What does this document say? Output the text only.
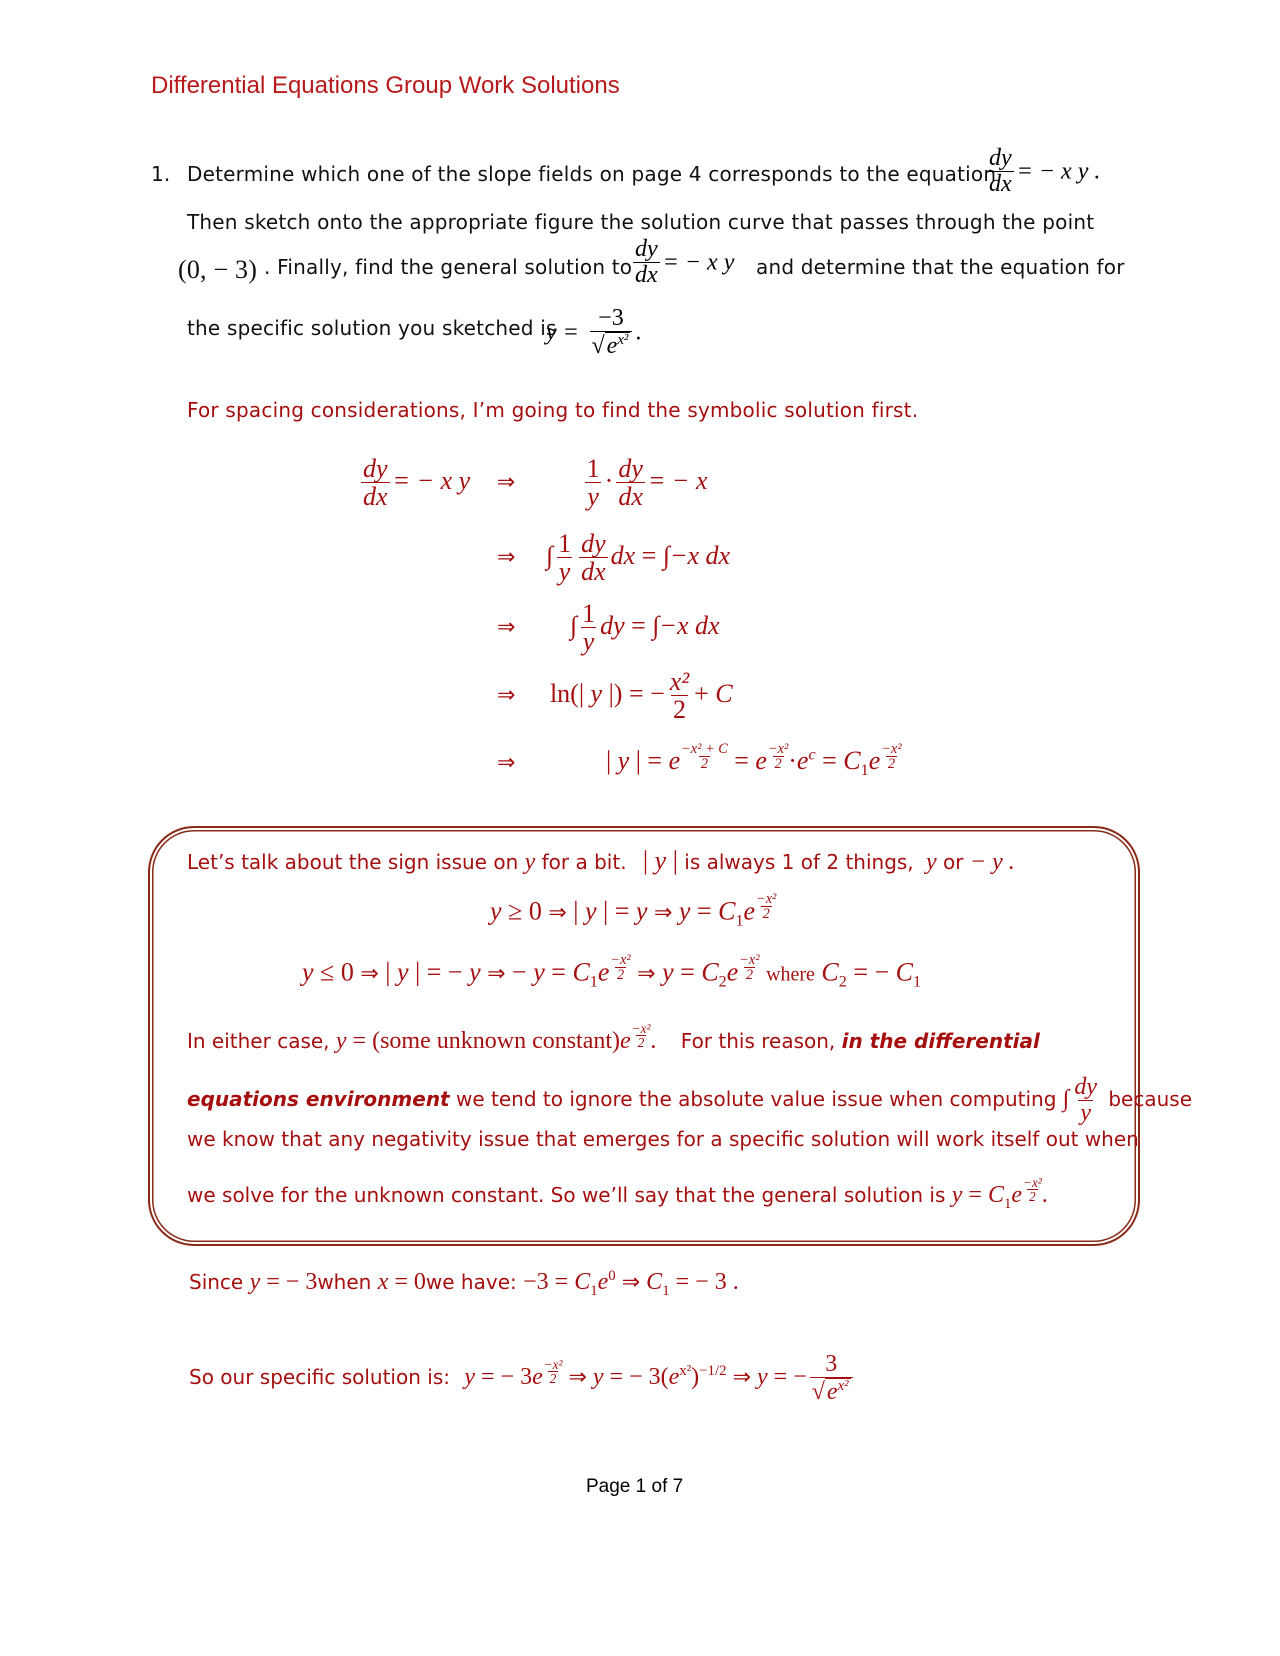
Differential Equations Group Work Solutions
1. Determine which one of the slope fields on page 4 corresponds to the equation
$\frac{dy}{dx}$ = − x y .
Then sketch onto the appropriate figure the solution curve that passes through the point
(0, − 3) . Finally, find the general solution to $\frac{dy}{dx}$ = − x y and determine that the equation for
the specific solution you sketched is
$y = \frac{-3}{√e^{x^2}}$ .
For spacing considerations, I’m going to find the symbolic solution first.
$\frac{dy}{dx}$ = − x y ⇒	$\frac{1}{y} \cdot \frac{dy}{dx}$ = − x
⇒ ∫ $\frac{1}{y} \frac{dy}{dx}$ dx = ∫−x dx
⇒ ∫ $\frac{1}{y}$ dy = ∫−x dx
⇒ ln(| y |) = − $\frac{\text{x²}}{2} + C$
⇒	| y | = e $\frac{\text{−x² + C}}{2} = e \frac{\text{−x²}}{2} \cdot e^c = C_1e \frac{\text{−x²}}{2}$
Let’s talk about the sign issue on y for a bit. | y | is always 1 of 2 things, y or − y .
y ≥ 0 ⇒ | y | = y ⇒ $y = C_1e \frac{\text{−x²}}{2}$
y ≤ 0 ⇒ | y | = − y ⇒ − $y = C_1e \frac{\text{−x²}}{2}$ ⇒ $y = C_2e \frac{\text{−x²}}{2}$ where $C_2$ = − $C_1$
In either case, y = (some unknown constant)e $\frac{\text{−x²}}{2}$ . For this reason, in the differential
equations environment we tend to ignore the absolute value issue when computing ∫ $\frac{dy}{y}$ because
we know that any negativity issue that emerges for a specific solution will work itself out when
we solve for the unknown constant. So we’ll say that the general solution is $y = C_1e \frac{\text{−x²}}{2}$ .
Since y = − 3when x = 0we have: $-3 = C_1e^0$ ⇒ $C_1$ = − 3 .
So our specific solution is: y = − $3e \frac{\text{−x²}}{2}$ ⇒ y = − $3(e^{x^2})^{-1/2}$ ⇒ y = − $\frac{3}{√e^{x^2}}$
Page 1 of 7
